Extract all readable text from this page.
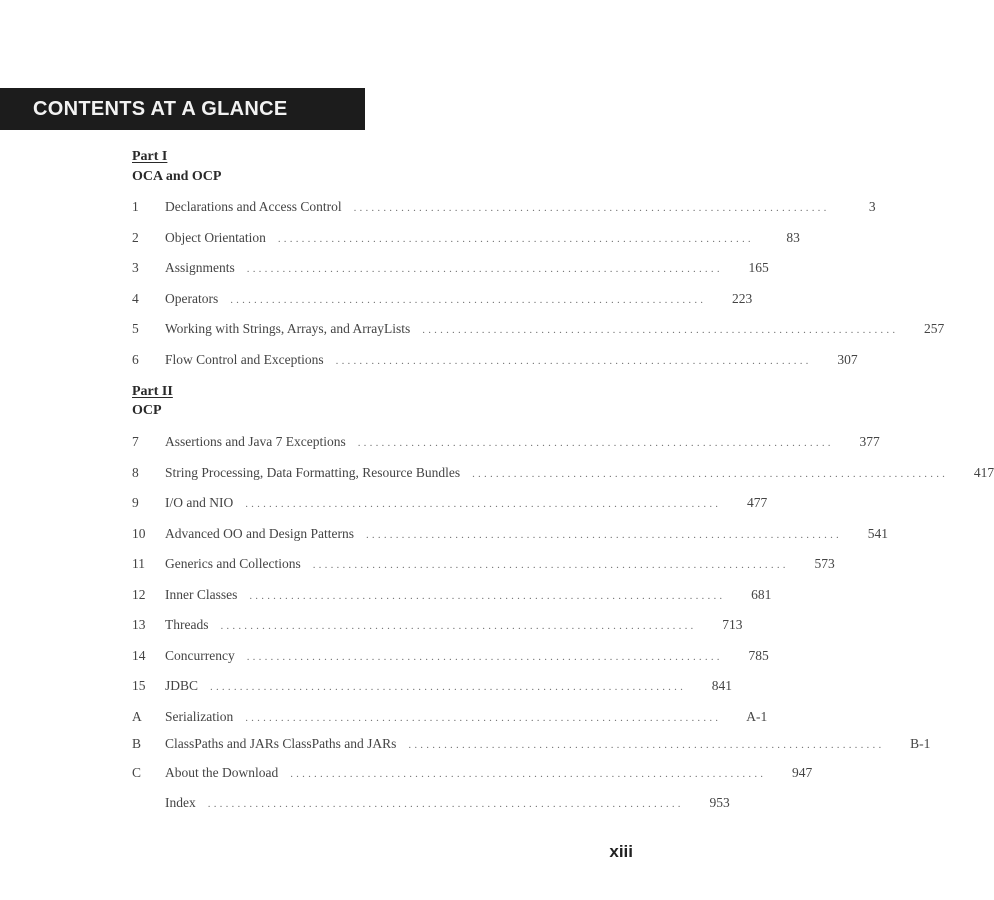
CONTENTS AT A GLANCE
Part I
OCA and OCP
1	Declarations and Access Control	................................................................................	3
2	Object Orientation	................................................................................	83
3	Assignments	................................................................................	165
4	Operators	................................................................................	223
5	Working with Strings, Arrays, and ArrayLists	................................................................................	257
6	Flow Control and Exceptions	................................................................................	307
Part II
OCP
7	Assertions and Java 7 Exceptions	................................................................................	377
8	String Processing, Data Formatting, Resource Bundles	................................................................................	417
9	I/O and NIO	................................................................................	477
10	Advanced OO and Design Patterns	................................................................................	541
11	Generics and Collections	................................................................................	573
12	Inner Classes	................................................................................	681
13	Threads	................................................................................	713
14	Concurrency	................................................................................	785
15	JDBC	................................................................................	841
A	Serialization	................................................................................	A-1
B	ClassPaths and JARs ClassPaths and JARs	................................................................................	B-1
C	About the Download	................................................................................	947
Index	................................................................................	953
xiii
